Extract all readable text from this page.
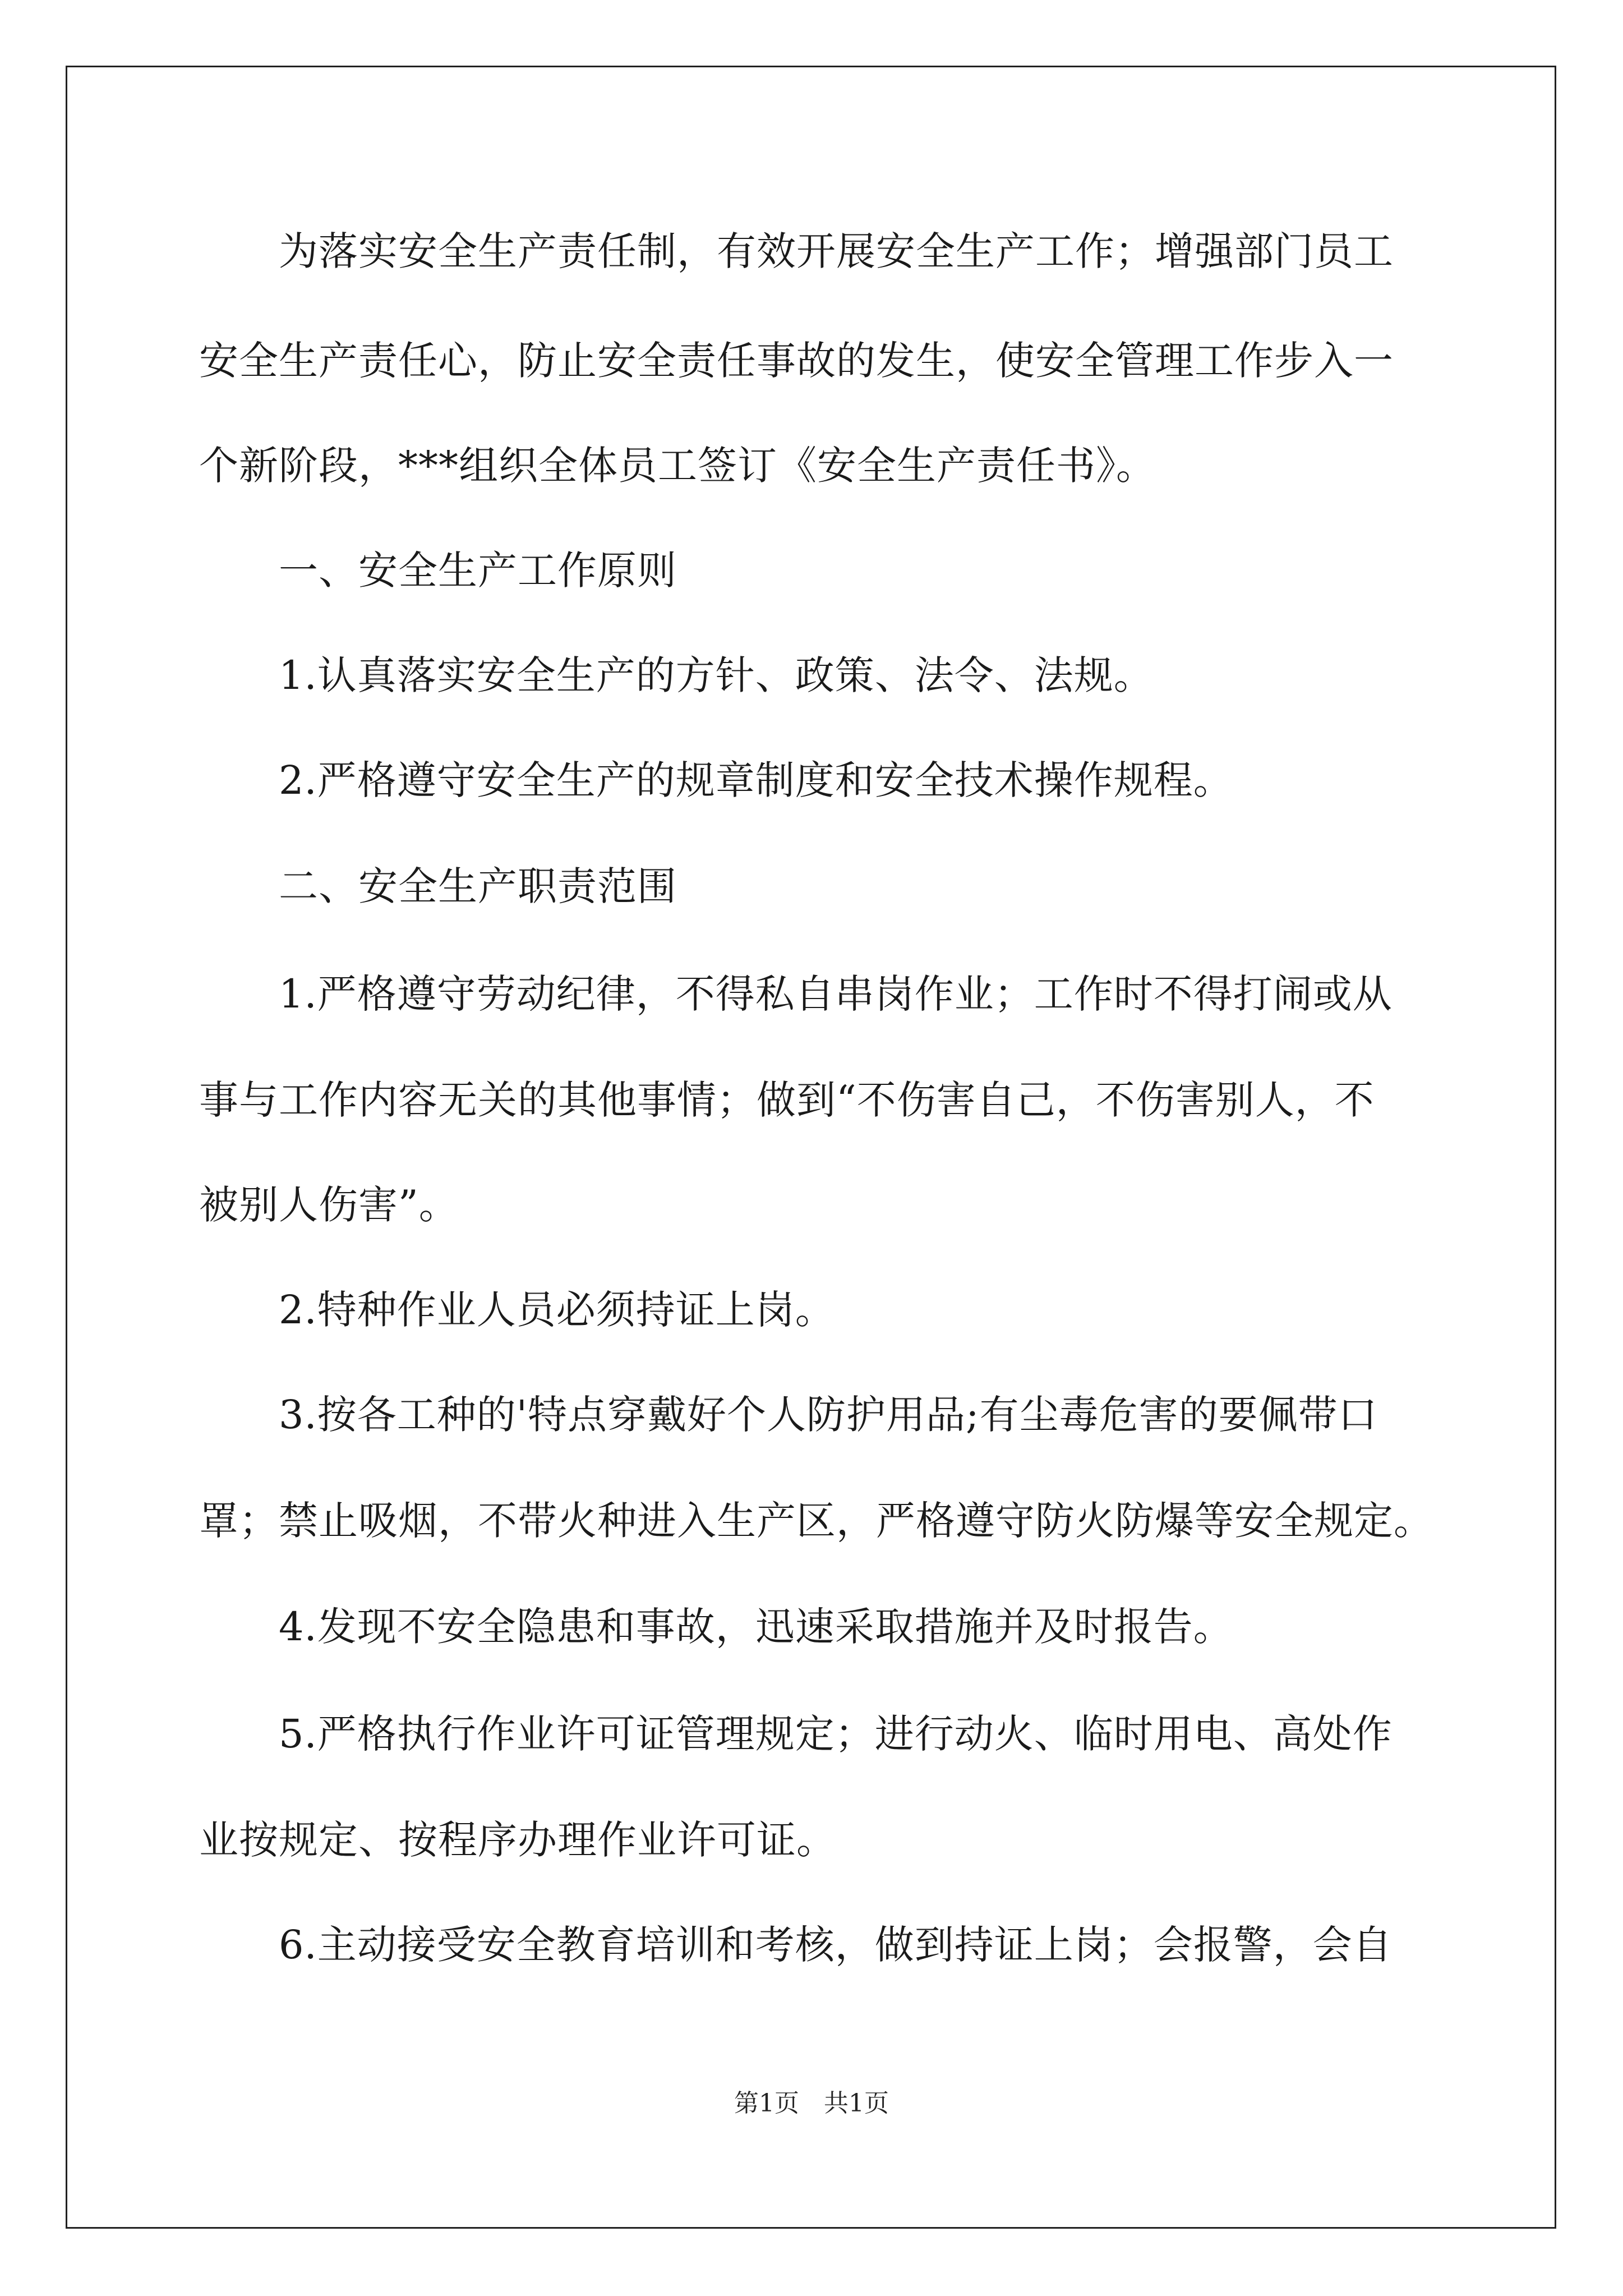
　　为落实安全生产责任制，有效开展安全生产工作；增强部门员工

安全生产责任心，防止安全责任事故的发生，使安全管理工作步入一

个新阶段，***组织全体员工签订《安全生产责任书》。

　　一、安全生产工作原则

　　1.认真落实安全生产的方针、政策、法令、法规。

　　2.严格遵守安全生产的规章制度和安全技术操作规程。

　　二、安全生产职责范围

　　1.严格遵守劳动纪律，不得私自串岗作业；工作时不得打闹或从

事与工作内容无关的其他事情；做到“不伤害自己，不伤害别人，不

被别人伤害”。

　　2.特种作业人员必须持证上岗。

　　3.按各工种的'特点穿戴好个人防护用品;有尘毒危害的要佩带口

罩；禁止吸烟，不带火种进入生产区，严格遵守防火防爆等安全规定。

　　4.发现不安全隐患和事故，迅速采取措施并及时报告。

　　5.严格执行作业许可证管理规定；进行动火、临时用电、高处作

业按规定、按程序办理作业许可证。

　　6.主动接受安全教育培训和考核，做到持证上岗；会报警，会自

第1页　共1页
